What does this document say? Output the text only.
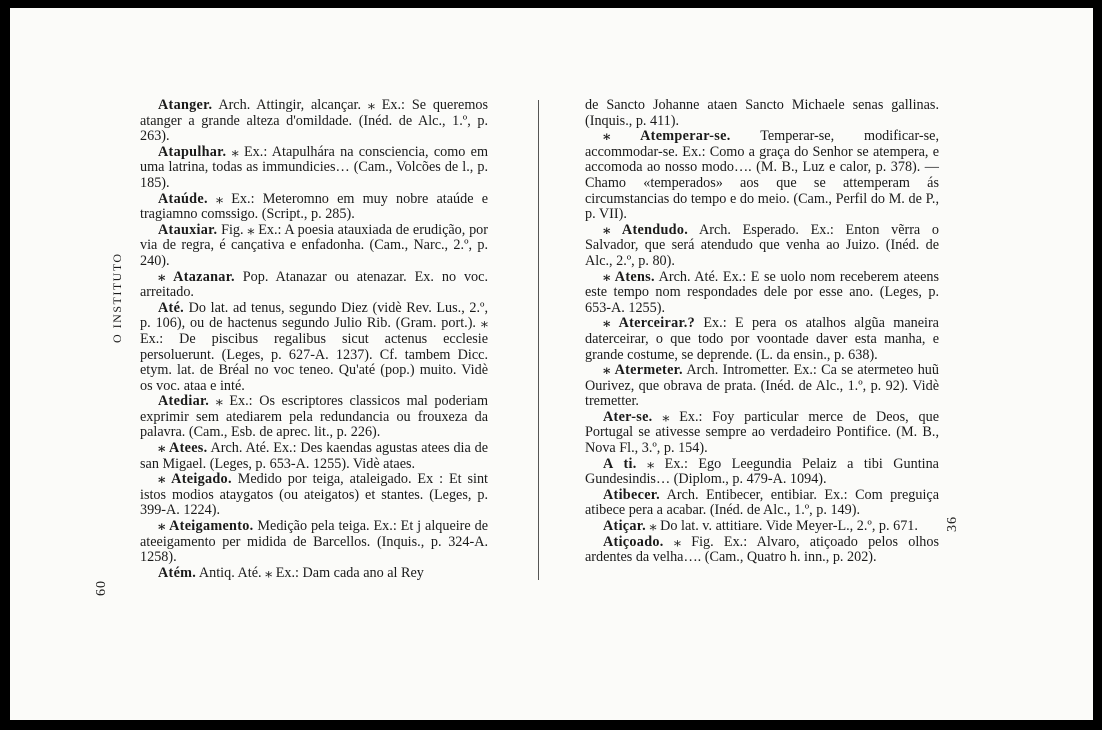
O INSTITUTO
60
36

Atanger. Arch. Attingir, alcançar. ⁎ Ex.: Se queremos atanger a grande alteza d'omildade. (Inéd. de Alc., 1.º, p. 263).

Atapulhar. ⁎ Ex.: Atapulhára na consciencia, como em uma latrina, todas as immundicies… (Cam., Volcões de l., p. 185).

Ataúde. ⁎ Ex.: Meteromno em muy nobre ataúde e tragiamno comssigo. (Script., p. 285).

Atauxiar. Fig. ⁎ Ex.: A poesia atauxiada de erudição, por via de regra, é cançativa e enfadonha. (Cam., Narc., 2.º, p. 240).

⁎ Atazanar. Pop. Atanazar ou atenazar. Ex. no voc. arreitado.

Até. Do lat. ad tenus, segundo Diez (vidè Rev. Lus., 2.º, p. 106), ou de hactenus segundo Julio Rib. (Gram. port.). ⁎ Ex.: De piscibus regalibus sicut actenus ecclesie persoluerunt. (Leges, p. 627-A. 1237). Cf. tambem Dicc. etym. lat. de Bréal no voc teneo. Qu'até (pop.) muito. Vidè os voc. ataa e inté.

Atediar. ⁎ Ex.: Os escriptores classicos mal poderiam exprimir sem atediarem pela redundancia ou frouxeza da palavra. (Cam., Esb. de aprec. lit., p. 226).

⁎ Atees. Arch. Até. Ex.: Des kaendas agustas atees dia de san Migael. (Leges, p. 653-A. 1255). Vidè ataes.

⁎ Ateigado. Medido por teiga, ataleigado. Ex : Et sint istos modios ataygatos (ou ateigatos) et stantes. (Leges, p. 399-A. 1224).

⁎ Ateigamento. Medição pela teiga. Ex.: Et j alqueire de ateeigamento per midida de Barcellos. (Inquis., p. 324-A. 1258).

Atém. Antiq. Até. ⁎ Ex.: Dam cada ano al Rey

de Sancto Johanne ataen Sancto Michaele senas gallinas. (Inquis., p. 411).

⁎ Atemperar-se. Temperar-se, modificar-se, accommodar-se. Ex.: Como a graça do Senhor se atempera, e accomoda ao nosso modo…. (M. B., Luz e calor, p. 378). — Chamo «temperados» aos que se attemperam ás circumstancias do tempo e do meio. (Cam., Perfil do M. de P., p. VII).

⁎ Atendudo. Arch. Esperado. Ex.: Enton vẽrra o Salvador, que será atendudo que venha ao Juizo. (Inéd. de Alc., 2.º, p. 80).

⁎ Atens. Arch. Até. Ex.: E se uolo nom receberem ateens este tempo nom respondades dele por esse ano. (Leges, p. 653-A. 1255).

⁎ Aterceirar.? Ex.: E pera os atalhos algũa maneira daterceirar, o que todo por voontade daver esta manha, e grande costume, se deprende. (L. da ensin., p. 638).

⁎ Atermeter. Arch. Intrometter. Ex.: Ca se atermeteo huũ Ourivez, que obrava de prata. (Inéd. de Alc., 1.º, p. 92). Vidè tremetter.

Ater-se. ⁎ Ex.: Foy particular merce de Deos, que Portugal se ativesse sempre ao verdadeiro Pontifice. (M. B., Nova Fl., 3.º, p. 154).

A ti. ⁎ Ex.: Ego Leegundia Pelaiz a tibi Guntina Gundesindis… (Diplom., p. 479-A. 1094).

Atibecer. Arch. Entibecer, entibiar. Ex.: Com preguiça atibece pera a acabar. (Inéd. de Alc., 1.º, p. 149).

Atiçar. ⁎ Do lat. v. attitiare. Vide Meyer-L., 2.º, p. 671.

Atiçoado. ⁎ Fig. Ex.: Alvaro, atiçoado pelos olhos ardentes da velha…. (Cam., Quatro h. inn., p. 202).
